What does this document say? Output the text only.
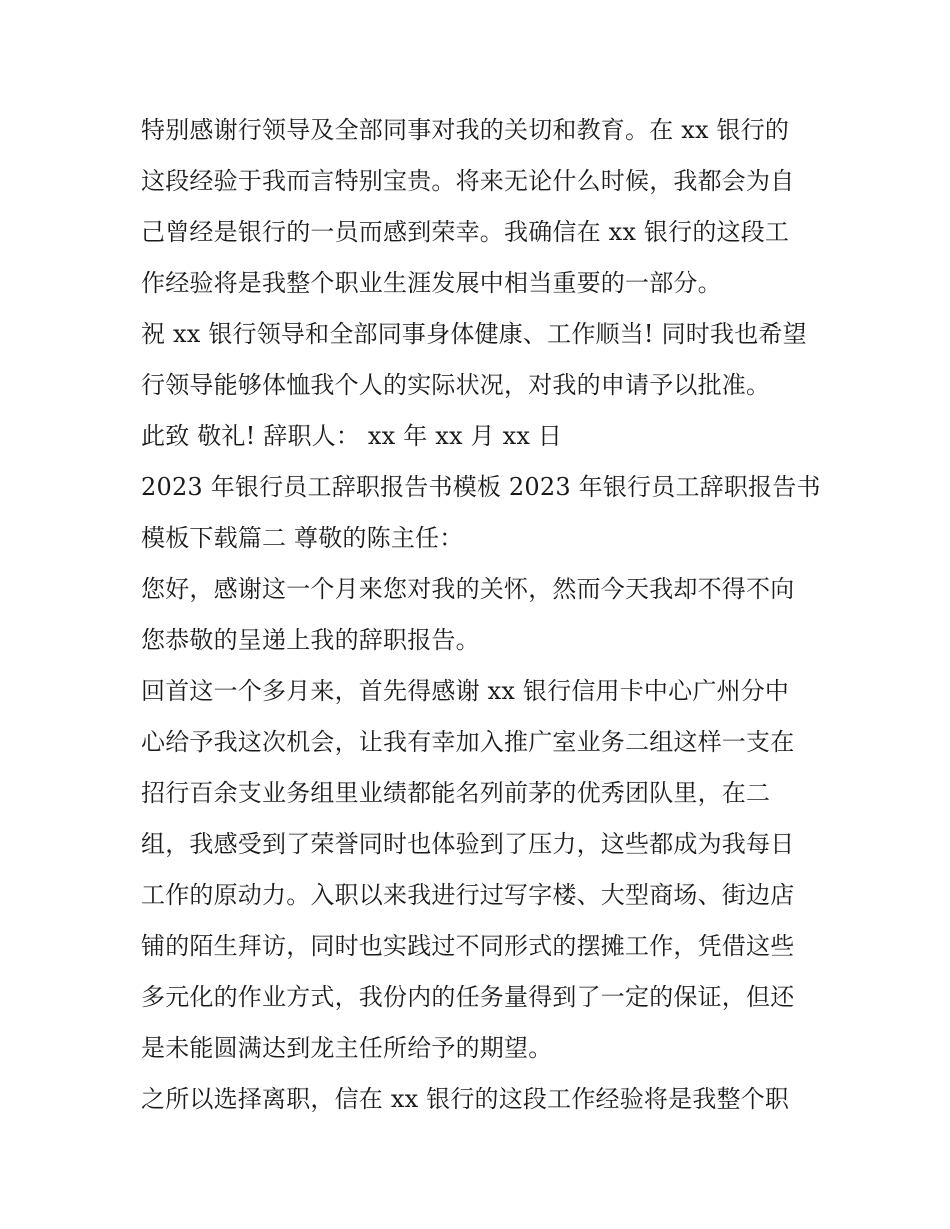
特别感谢行领导及全部同事对我的关切和教育。在 xx 银行的
这段经验于我而言特别宝贵。将来无论什么时候，我都会为自
己曾经是银行的一员而感到荣幸。我确信在 xx 银行的这段工
作经验将是我整个职业生涯发展中相当重要的一部分。
祝 xx 银行领导和全部同事身体健康、工作顺当! 同时我也希望
行领导能够体恤我个人的实际状况，对我的申请予以批准。
此致 敬礼! 辞职人： xx 年 xx 月 xx 日
2023 年银行员工辞职报告书模板 2023 年银行员工辞职报告书
模板下载篇二 尊敬的陈主任：
您好，感谢这一个月来您对我的关怀，然而今天我却不得不向
您恭敬的呈递上我的辞职报告。
回首这一个多月来，首先得感谢 xx 银行信用卡中心广州分中
心给予我这次机会，让我有幸加入推广室业务二组这样一支在
招行百余支业务组里业绩都能名列前茅的优秀团队里，在二
组，我感受到了荣誉同时也体验到了压力，这些都成为我每日
工作的原动力。入职以来我进行过写字楼、大型商场、街边店
铺的陌生拜访，同时也实践过不同形式的摆摊工作，凭借这些
多元化的作业方式，我份内的任务量得到了一定的保证，但还
是未能圆满达到龙主任所给予的期望。
之所以选择离职，信在 xx 银行的这段工作经验将是我整个职
